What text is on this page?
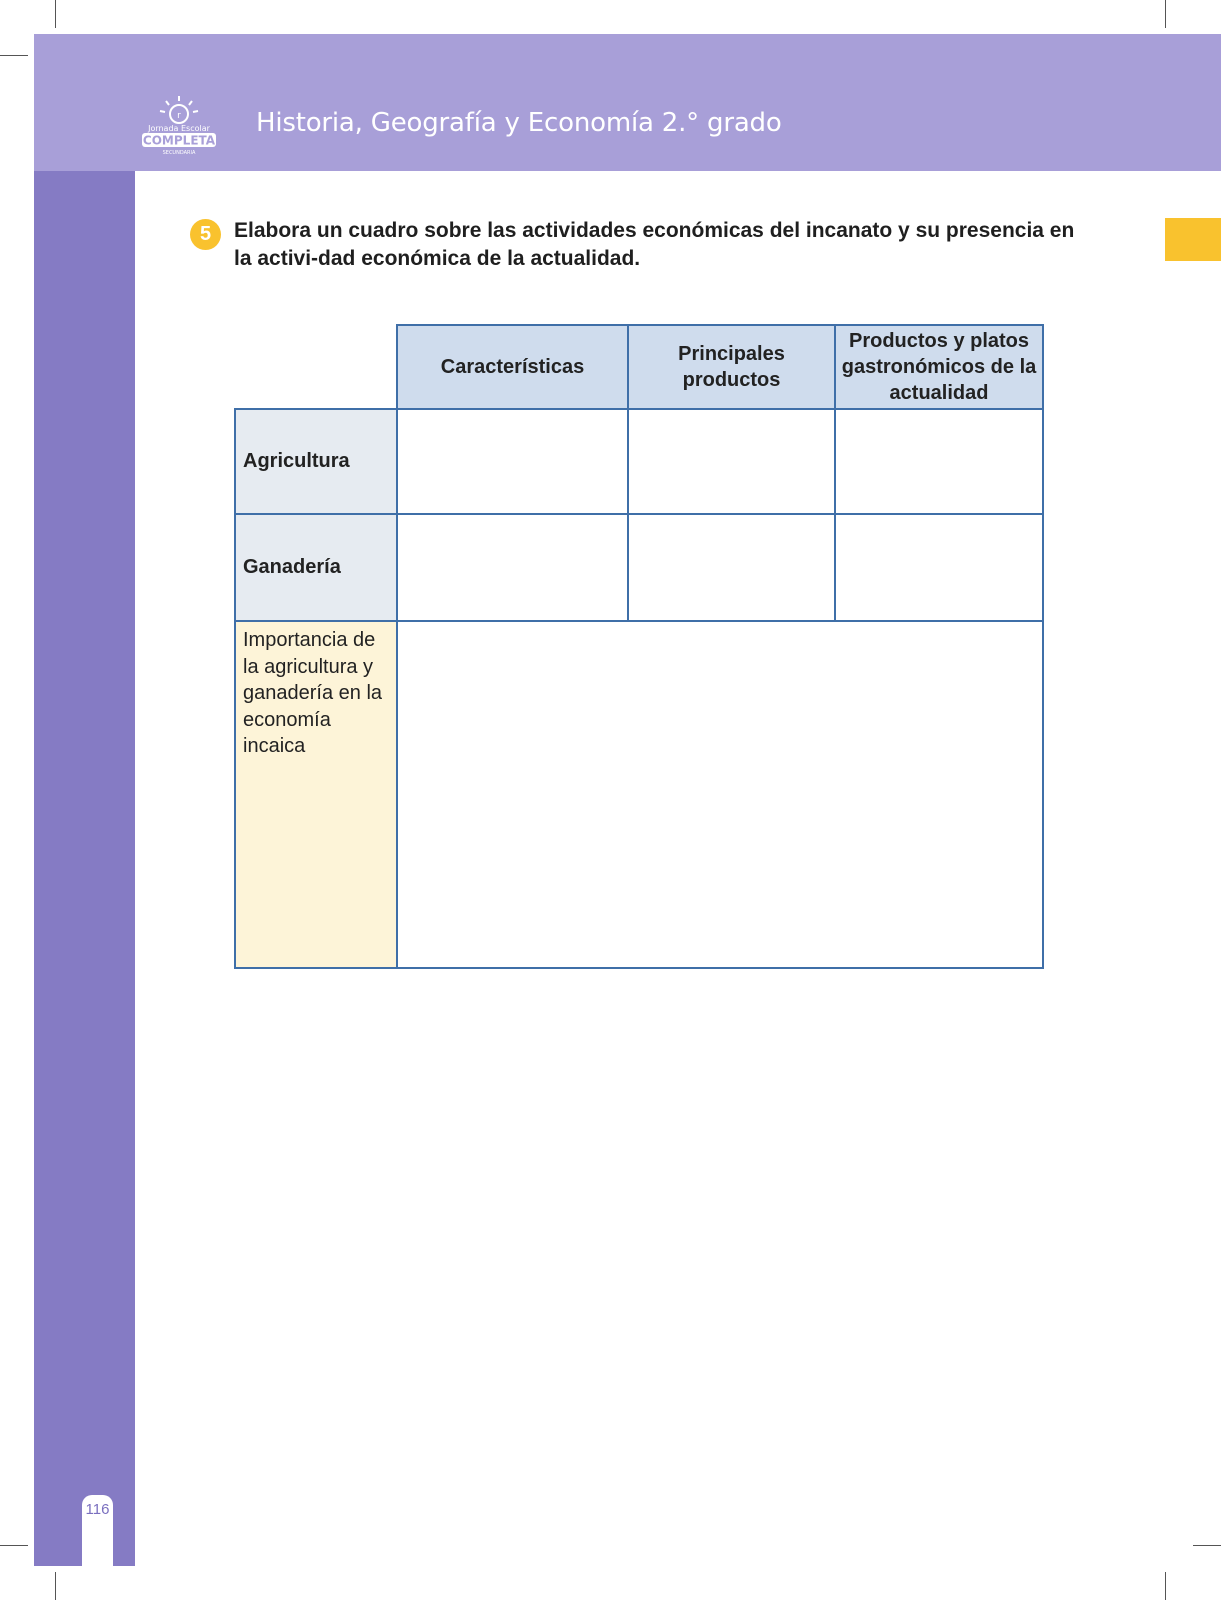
r
Jornada Escolar
COMPLETA
SECUNDARIA
Historia, Geografía y Economía 2.° grado
116
5	Elabora un cuadro sobre las actividades económicas del incanato y su presencia en la activi-dad económica de la actualidad.
Características
Principales productos
Productos y platos gastronómicos de la actualidad
Agricultura
Ganadería
Importancia de la agricultura y ganadería en la economía incaica
